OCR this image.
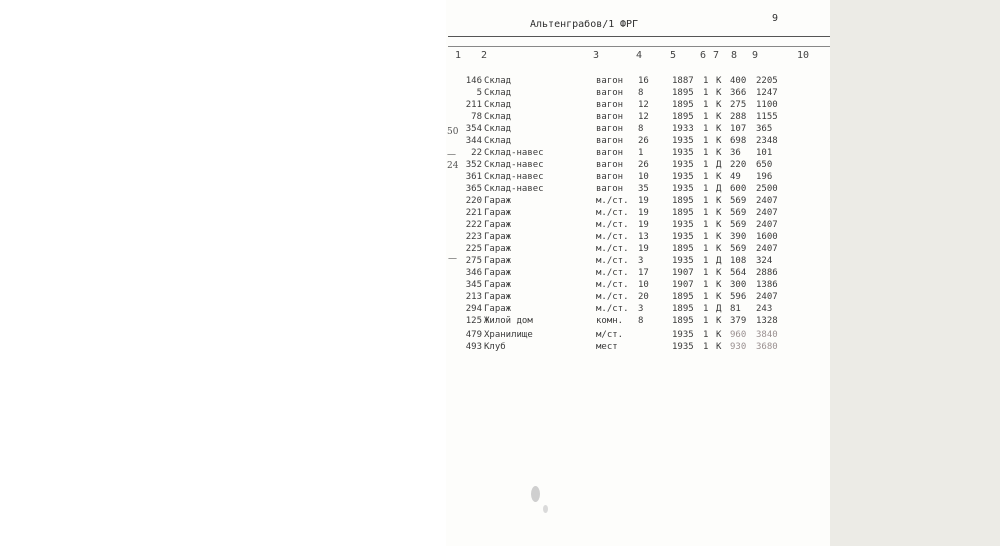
Альтенграбов/1 ФРГ
9
1 2	3	4	5 6 7 8 9	10
50
—
24
—
146 Склад	вагон 16	1887 1 К 400	2205
5 Склад	вагон 8	1895 1 К 366	1247
211 Склад	вагон 12	1895 1 К 275	1100
78 Склад	вагон 12	1895 1 К 288	1155
354 Склад	вагон 8	1933 1 К 107	365
344 Склад	вагон 26	1935 1 К 698	2348
22 Склад-навес	вагон 1	1935 1 К 36	101
352 Склад-навес	вагон 26	1935 1 Д 220	650
361 Склад-навес	вагон 10	1935 1 К 49	196
365 Склад-навес	вагон 35	1935 1 Д 600	2500
220 Гараж	м./ст. 19	1895 1 К 569	2407
221 Гараж	м./ст. 19	1895 1 К 569	2407
222 Гараж	м./ст. 19	1935 1 К 569	2407
223 Гараж	м./ст. 13	1935 1 К 390	1600
225 Гараж	м./ст. 19	1895 1 К 569	2407
275 Гараж	м./ст. 3	1935 1 Д 108	324
346 Гараж	м./ст. 17	1907 1 К 564	2886
345 Гараж	м./ст. 10	1907 1 К 300	1386
213 Гараж	м./ст. 20	1895 1 К 596	2407
294 Гараж	м./ст. 3	1895 1 Д 81	243
125 Жилой дом	комн. 8	1895 1 К 379	1328
479 Хранилище	м/ст.	1935 1 К 960	3840
493 Клуб	мест	1935 1 К 930	3680
